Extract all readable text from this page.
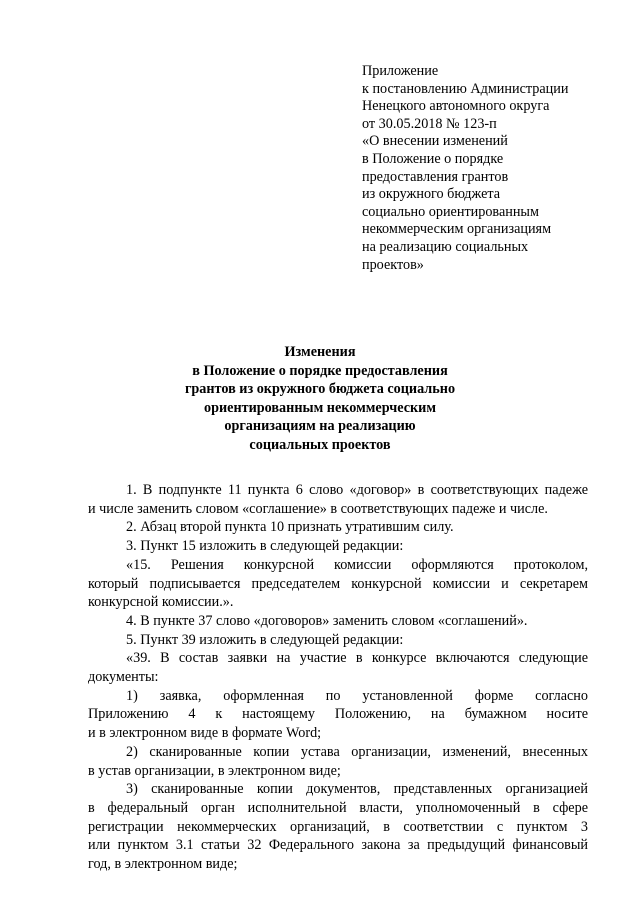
Приложение
к постановлению Администрации
Ненецкого автономного округа
от 30.05.2018 № 123-п
«О внесении изменений
в Положение о порядке
предоставления грантов
из окружного бюджета
социально ориентированным
некоммерческим организациям
на реализацию социальных
проектов»
Изменения
в Положение о порядке предоставления
грантов из окружного бюджета социально
ориентированным некоммерческим
организациям на реализацию
социальных проектов
1. В подпункте 11 пункта 6 слово «договор» в соответствующих падеже
и числе заменить словом «соглашение» в соответствующих падеже и числе.
2. Абзац второй пункта 10 признать утратившим силу.
3. Пункт 15 изложить в следующей редакции:
«15. Решения конкурсной комиссии оформляются протоколом,
который подписывается председателем конкурсной комиссии и секретарем
конкурсной комиссии.».
4. В пункте 37 слово «договоров» заменить словом «соглашений».
5. Пункт 39 изложить в следующей редакции:
«39. В состав заявки на участие в конкурсе включаются следующие
документы:
1) заявка, оформленная по установленной форме согласно
Приложению 4 к настоящему Положению, на бумажном носите
и в электронном виде в формате Word;
2) сканированные копии устава организации, изменений, внесенных
в устав организации, в электронном виде;
3) сканированные копии документов, представленных организацией
в федеральный орган исполнительной власти, уполномоченный в сфере
регистрации некоммерческих организаций, в соответствии с пунктом 3
или пунктом 3.1 статьи 32 Федерального закона за предыдущий финансовый
год, в электронном виде;
